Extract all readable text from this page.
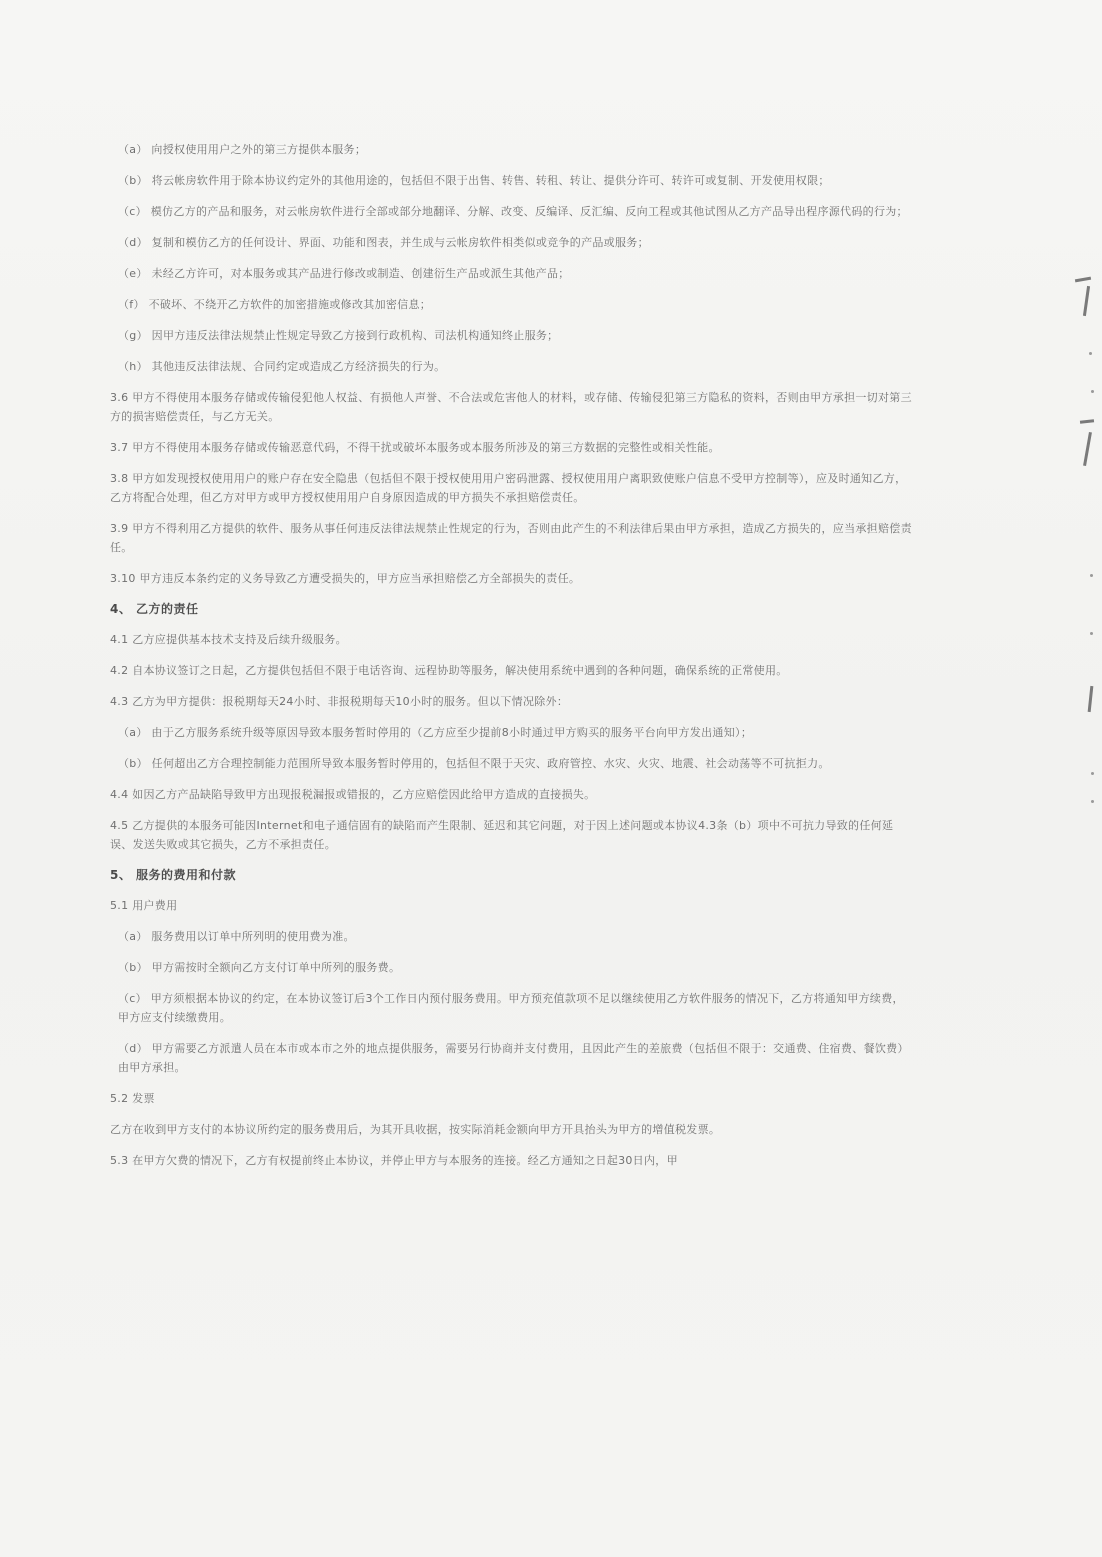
（a） 向授权使用用户之外的第三方提供本服务；
（b） 将云帐房软件用于除本协议约定外的其他用途的，包括但不限于出售、转售、转租、转让、提供分许可、转许可或复制、开发使用权限；
（c） 模仿乙方的产品和服务，对云帐房软件进行全部或部分地翻译、分解、改变、反编译、反汇编、反向工程或其他试图从乙方产品导出程序源代码的行为；
（d） 复制和模仿乙方的任何设计、界面、功能和图表，并生成与云帐房软件相类似或竞争的产品或服务；
（e） 未经乙方许可，对本服务或其产品进行修改或制造、创建衍生产品或派生其他产品；
（f） 不破坏、不绕开乙方软件的加密措施或修改其加密信息；
（g） 因甲方违反法律法规禁止性规定导致乙方接到行政机构、司法机构通知终止服务；
（h） 其他违反法律法规、合同约定或造成乙方经济损失的行为。
3.6 甲方不得使用本服务存储或传输侵犯他人权益、有损他人声誉、不合法或危害他人的材料，或存储、传输侵犯第三方隐私的资料，否则由甲方承担一切对第三方的损害赔偿责任，与乙方无关。
3.7 甲方不得使用本服务存储或传输恶意代码，不得干扰或破坏本服务或本服务所涉及的第三方数据的完整性或相关性能。
3.8 甲方如发现授权使用用户的账户存在安全隐患（包括但不限于授权使用用户密码泄露、授权使用用户离职致使账户信息不受甲方控制等），应及时通知乙方，乙方将配合处理，但乙方对甲方或甲方授权使用用户自身原因造成的甲方损失不承担赔偿责任。
3.9 甲方不得利用乙方提供的软件、服务从事任何违反法律法规禁止性规定的行为，否则由此产生的不利法律后果由甲方承担，造成乙方损失的，应当承担赔偿责任。
3.10 甲方违反本条约定的义务导致乙方遭受损失的，甲方应当承担赔偿乙方全部损失的责任。
4、 乙方的责任
4.1 乙方应提供基本技术支持及后续升级服务。
4.2 自本协议签订之日起，乙方提供包括但不限于电话咨询、远程协助等服务，解决使用系统中遇到的各种问题，确保系统的正常使用。
4.3 乙方为甲方提供：报税期每天24小时、非报税期每天10小时的服务。但以下情况除外：
（a） 由于乙方服务系统升级等原因导致本服务暂时停用的（乙方应至少提前8小时通过甲方购买的服务平台向甲方发出通知）；
（b） 任何超出乙方合理控制能力范围所导致本服务暂时停用的，包括但不限于天灾、政府管控、水灾、火灾、地震、社会动荡等不可抗拒力。
4.4 如因乙方产品缺陷导致甲方出现报税漏报或错报的，乙方应赔偿因此给甲方造成的直接损失。
4.5 乙方提供的本服务可能因Internet和电子通信固有的缺陷而产生限制、延迟和其它问题，对于因上述问题或本协议4.3条（b）项中不可抗力导致的任何延误、发送失败或其它损失，乙方不承担责任。
5、 服务的费用和付款
5.1 用户费用
（a） 服务费用以订单中所列明的使用费为准。
（b） 甲方需按时全额向乙方支付订单中所列的服务费。
（c） 甲方须根据本协议的约定，在本协议签订后3个工作日内预付服务费用。甲方预充值款项不足以继续使用乙方软件服务的情况下，乙方将通知甲方续费，甲方应支付续缴费用。
（d） 甲方需要乙方派遣人员在本市或本市之外的地点提供服务，需要另行协商并支付费用，且因此产生的差旅费（包括但不限于：交通费、住宿费、餐饮费）由甲方承担。
5.2 发票
乙方在收到甲方支付的本协议所约定的服务费用后，为其开具收据，按实际消耗金额向甲方开具抬头为甲方的增值税发票。
5.3 在甲方欠费的情况下，乙方有权提前终止本协议，并停止甲方与本服务的连接。经乙方通知之日起30日内，甲
